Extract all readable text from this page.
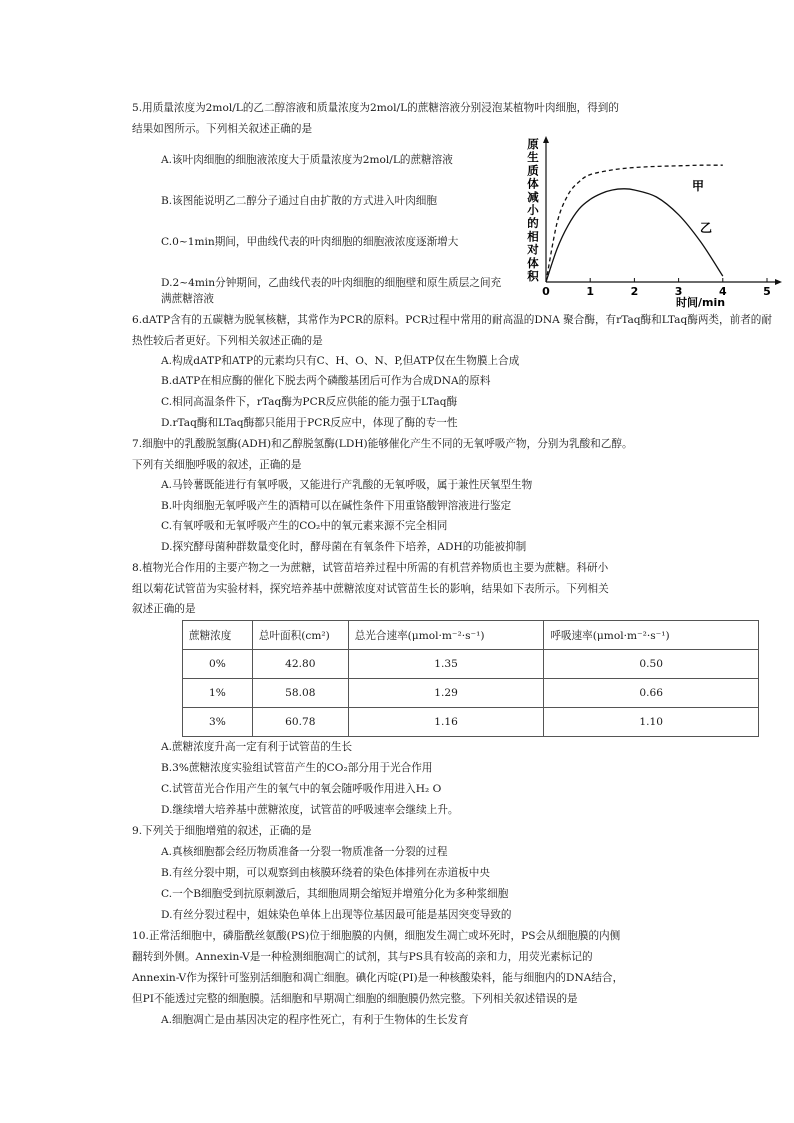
5.用质量浓度为2mol/L的乙二醇溶液和质量浓度为2mol/L的蔗糖溶液分别浸泡某植物叶肉细胞，得到的
结果如图所示。下列相关叙述正确的是
A.该叶肉细胞的细胞液浓度大于质量浓度为2mol/L的蔗糖溶液
B.该图能说明乙二醇分子通过自由扩散的方式进入叶肉细胞
C.0~1min期间，甲曲线代表的叶肉细胞的细胞液浓度逐渐增大
D.2~4min分钟期间，乙曲线代表的叶肉细胞的细胞壁和原生质层之间充
满蔗糖溶液
原
生
质
体
减
小
的
相
对
体
积
0	1	2	3	4	5
甲
乙
时间/min
6.dATP含有的五碳糖为脱氧核糖，其常作为PCR的原料。PCR过程中常用的耐高温的DNA 聚合酶，有rTaq酶和LTaq酶两类，前者的耐
热性较后者更好。下列相关叙述正确的是
A.构成dATP和ATP的元素均只有C、H、O、N、P,但ATP仅在生物膜上合成
B.dATP在相应酶的催化下脱去两个磷酸基团后可作为合成DNA的原料
C.相同高温条件下，rTaq酶为PCR反应供能的能力强于LTaq酶
D.rTaq酶和LTaq酶都只能用于PCR反应中，体现了酶的专一性
7.细胞中的乳酸脱氢酶(ADH)和乙醇脱氢酶(LDH)能够催化产生不同的无氧呼吸产物，分别为乳酸和乙醇。
下列有关细胞呼吸的叙述，正确的是
A.马铃薯既能进行有氧呼吸，又能进行产乳酸的无氧呼吸，属于兼性厌氧型生物
B.叶肉细胞无氧呼吸产生的酒精可以在碱性条件下用重铬酸钾溶液进行鉴定
C.有氧呼吸和无氧呼吸产生的CO₂中的氧元素来源不完全相同
D.探究酵母菌种群数量变化时，酵母菌在有氧条件下培养，ADH的功能被抑制
8.植物光合作用的主要产物之一为蔗糖，试管苗培养过程中所需的有机营养物质也主要为蔗糖。科研小
组以菊花试管苗为实验材料，探究培养基中蔗糖浓度对试管苗生长的影响，结果如下表所示。下列相关
叙述正确的是
蔗糖浓度	总叶面积(cm²)	总光合速率(μmol·m⁻²·s⁻¹)	呼吸速率(μmol·m⁻²·s⁻¹)
0%	42.80	1.35	0.50
1%	58.08	1.29	0.66
3%	60.78	1.16	1.10
A.蔗糖浓度升高一定有利于试管苗的生长
B.3%蔗糖浓度实验组试管苗产生的CO₂部分用于光合作用
C.试管苗光合作用产生的氧气中的氧会随呼吸作用进入H₂ O
D.继续增大培养基中蔗糖浓度，试管苗的呼吸速率会继续上升。
9.下列关于细胞增殖的叙述，正确的是
A.真核细胞都会经历物质准备一分裂一物质准备一分裂的过程
B.有丝分裂中期，可以观察到由核膜环绕着的染色体排列在赤道板中央
C.一个B细胞受到抗原刺激后，其细胞周期会缩短并增殖分化为多种浆细胞
D.有丝分裂过程中，姐妹染色单体上出现等位基因最可能是基因突变导致的
10.正常活细胞中，磷脂酰丝氨酸(PS)位于细胞膜的内侧，细胞发生凋亡或坏死时，PS会从细胞膜的内侧
翻转到外侧。Annexin-V是一种检测细胞凋亡的试剂，其与PS具有较高的亲和力，用荧光素标记的
Annexin-V作为探针可鉴别活细胞和凋亡细胞。碘化丙啶(PI)是一种核酸染料，能与细胞内的DNA结合，
但PI不能透过完整的细胞膜。活细胞和早期凋亡细胞的细胞膜仍然完整。下列相关叙述错误的是
A.细胞凋亡是由基因决定的程序性死亡，有利于生物体的生长发育
